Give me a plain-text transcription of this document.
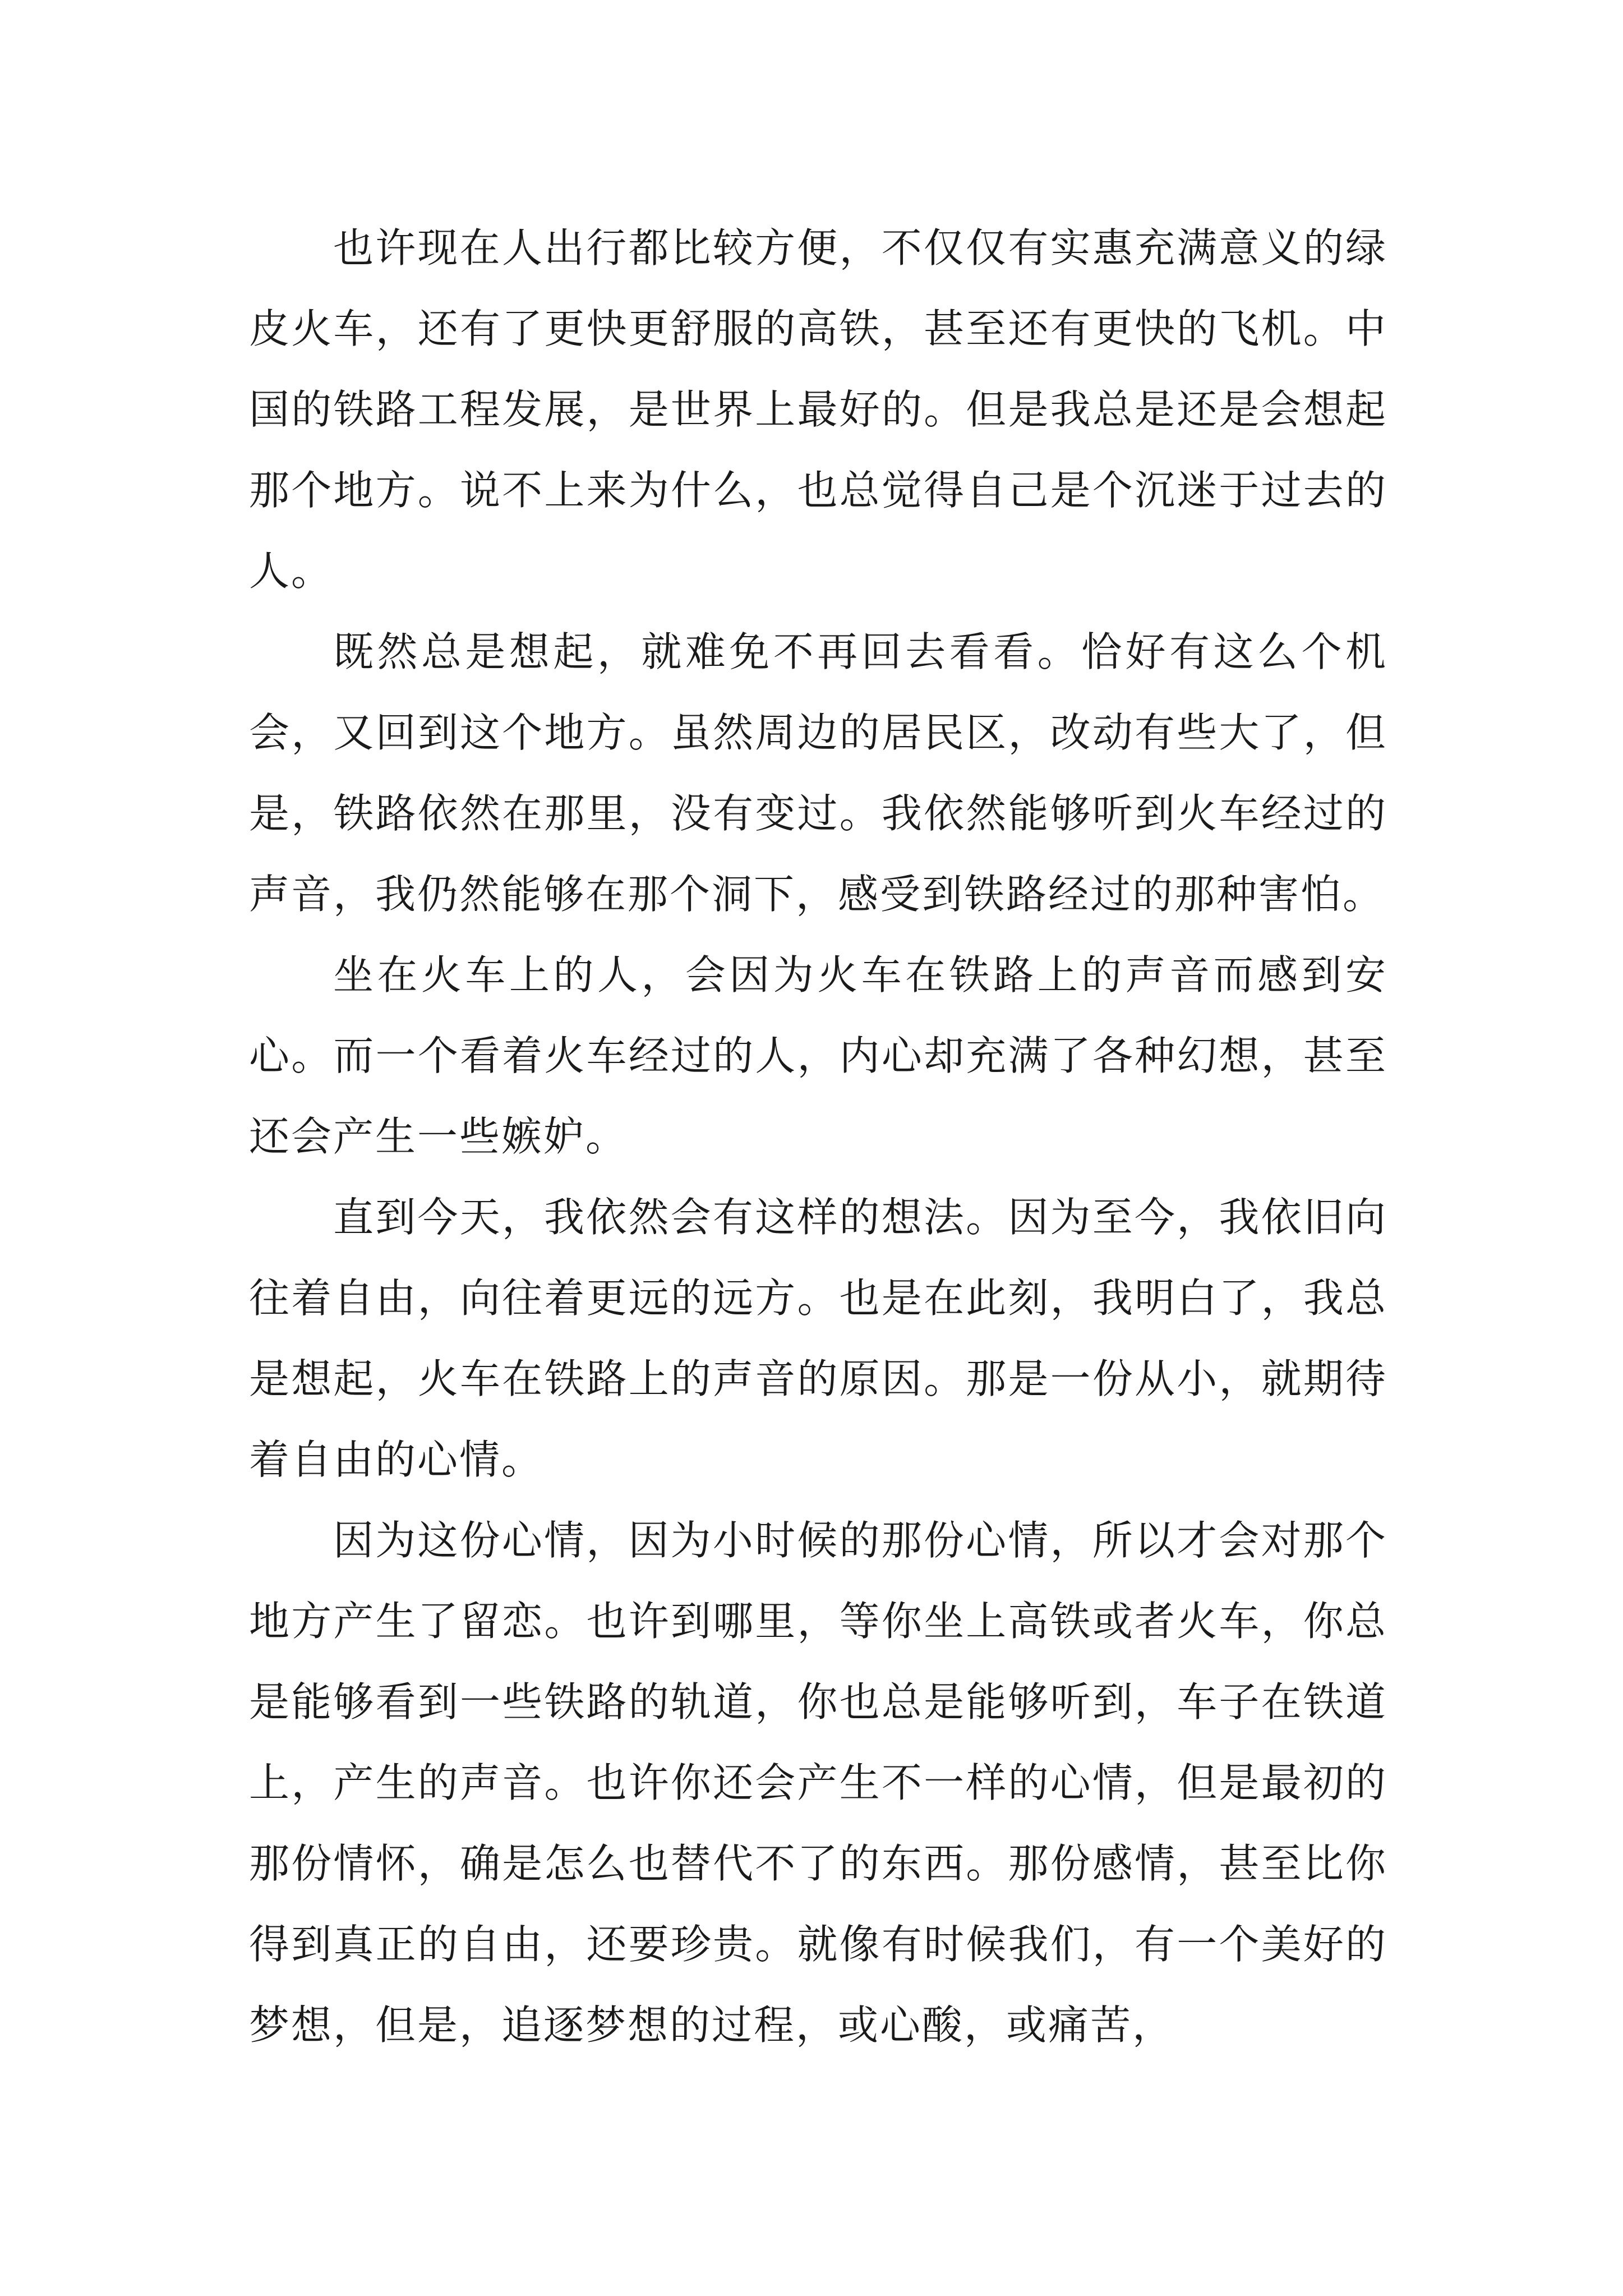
也许现在人出行都比较方便，不仅仅有实惠充满意义的绿皮火车，还有了更快更舒服的高铁，甚至还有更快的飞机。中国的铁路工程发展，是世界上最好的。但是我总是还是会想起那个地方。说不上来为什么，也总觉得自己是个沉迷于过去的人。

既然总是想起，就难免不再回去看看。恰好有这么个机会，又回到这个地方。虽然周边的居民区，改动有些大了，但是，铁路依然在那里，没有变过。我依然能够听到火车经过的声音，我仍然能够在那个洞下，感受到铁路经过的那种害怕。

坐在火车上的人，会因为火车在铁路上的声音而感到安心。而一个看着火车经过的人，内心却充满了各种幻想，甚至还会产生一些嫉妒。

直到今天，我依然会有这样的想法。因为至今，我依旧向往着自由，向往着更远的远方。也是在此刻，我明白了，我总是想起，火车在铁路上的声音的原因。那是一份从小，就期待着自由的心情。

因为这份心情，因为小时候的那份心情，所以才会对那个地方产生了留恋。也许到哪里，等你坐上高铁或者火车，你总是能够看到一些铁路的轨道，你也总是能够听到，车子在铁道上，产生的声音。也许你还会产生不一样的心情，但是最初的那份情怀，确是怎么也替代不了的东西。那份感情，甚至比你得到真正的自由，还要珍贵。就像有时候我们，有一个美好的梦想，但是，追逐梦想的过程，或心酸，或痛苦，
